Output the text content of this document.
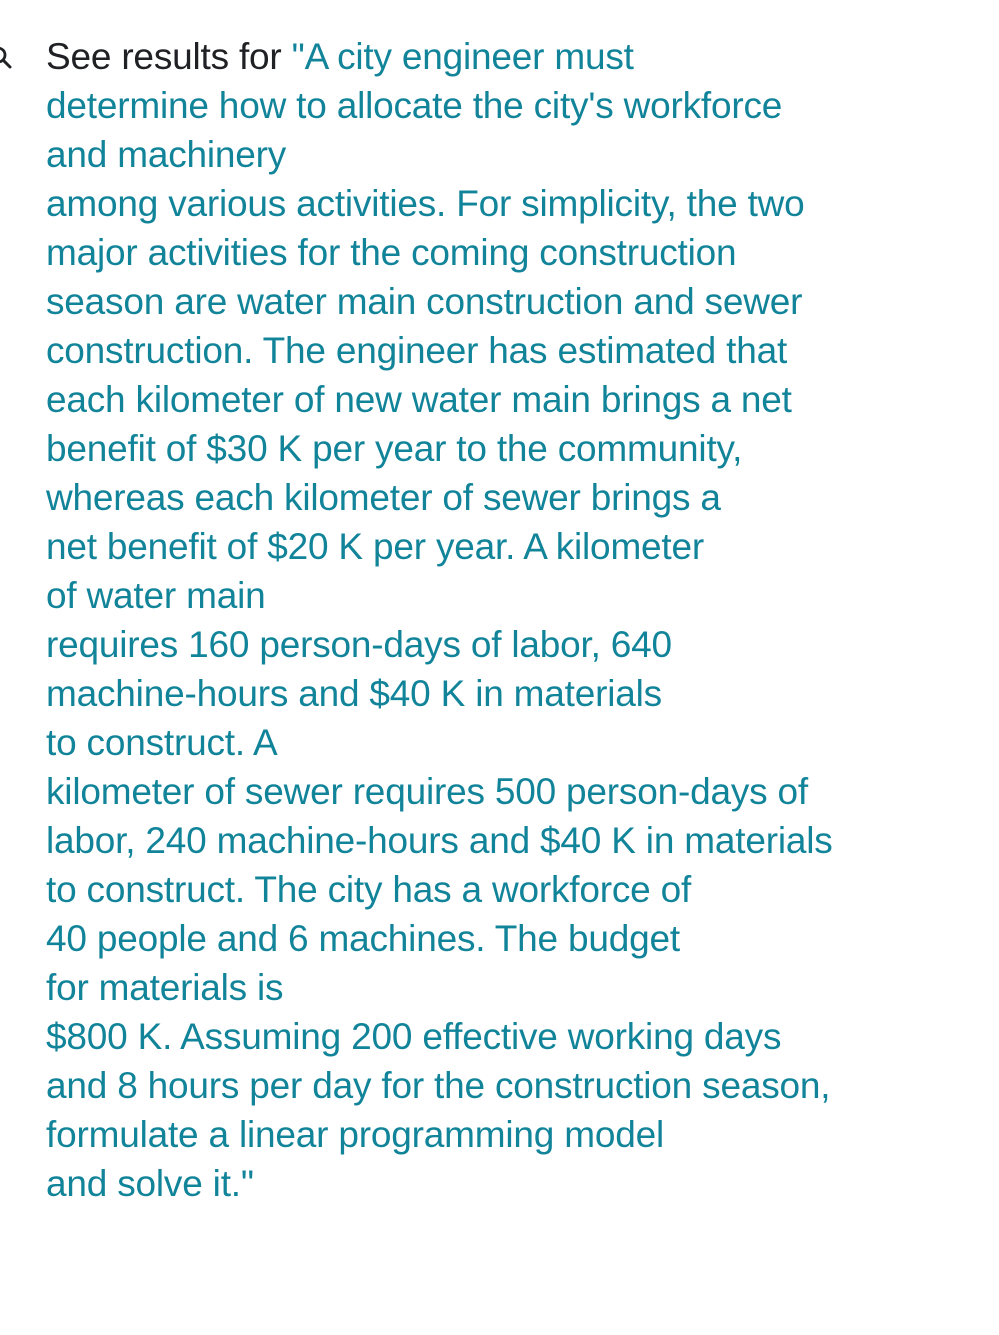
See results for "A city engineer must
determine how to allocate the city's workforce
and machinery
among various activities. For simplicity, the two
major activities for the coming construction
season are water main construction and sewer
construction. The engineer has estimated that
each kilometer of new water main brings a net
benefit of $30 K per year to the community,
whereas each kilometer of sewer brings a
net benefit of $20 K per year. A kilometer
of water main
requires 160 person-days of labor, 640
machine-hours and $40 K in materials
to construct. A
kilometer of sewer requires 500 person-days of
labor, 240 machine-hours and $40 K in materials
to construct. The city has a workforce of
40 people and 6 machines. The budget
for materials is
$800 K. Assuming 200 effective working days
and 8 hours per day for the construction season,
formulate a linear programming model
and solve it."
